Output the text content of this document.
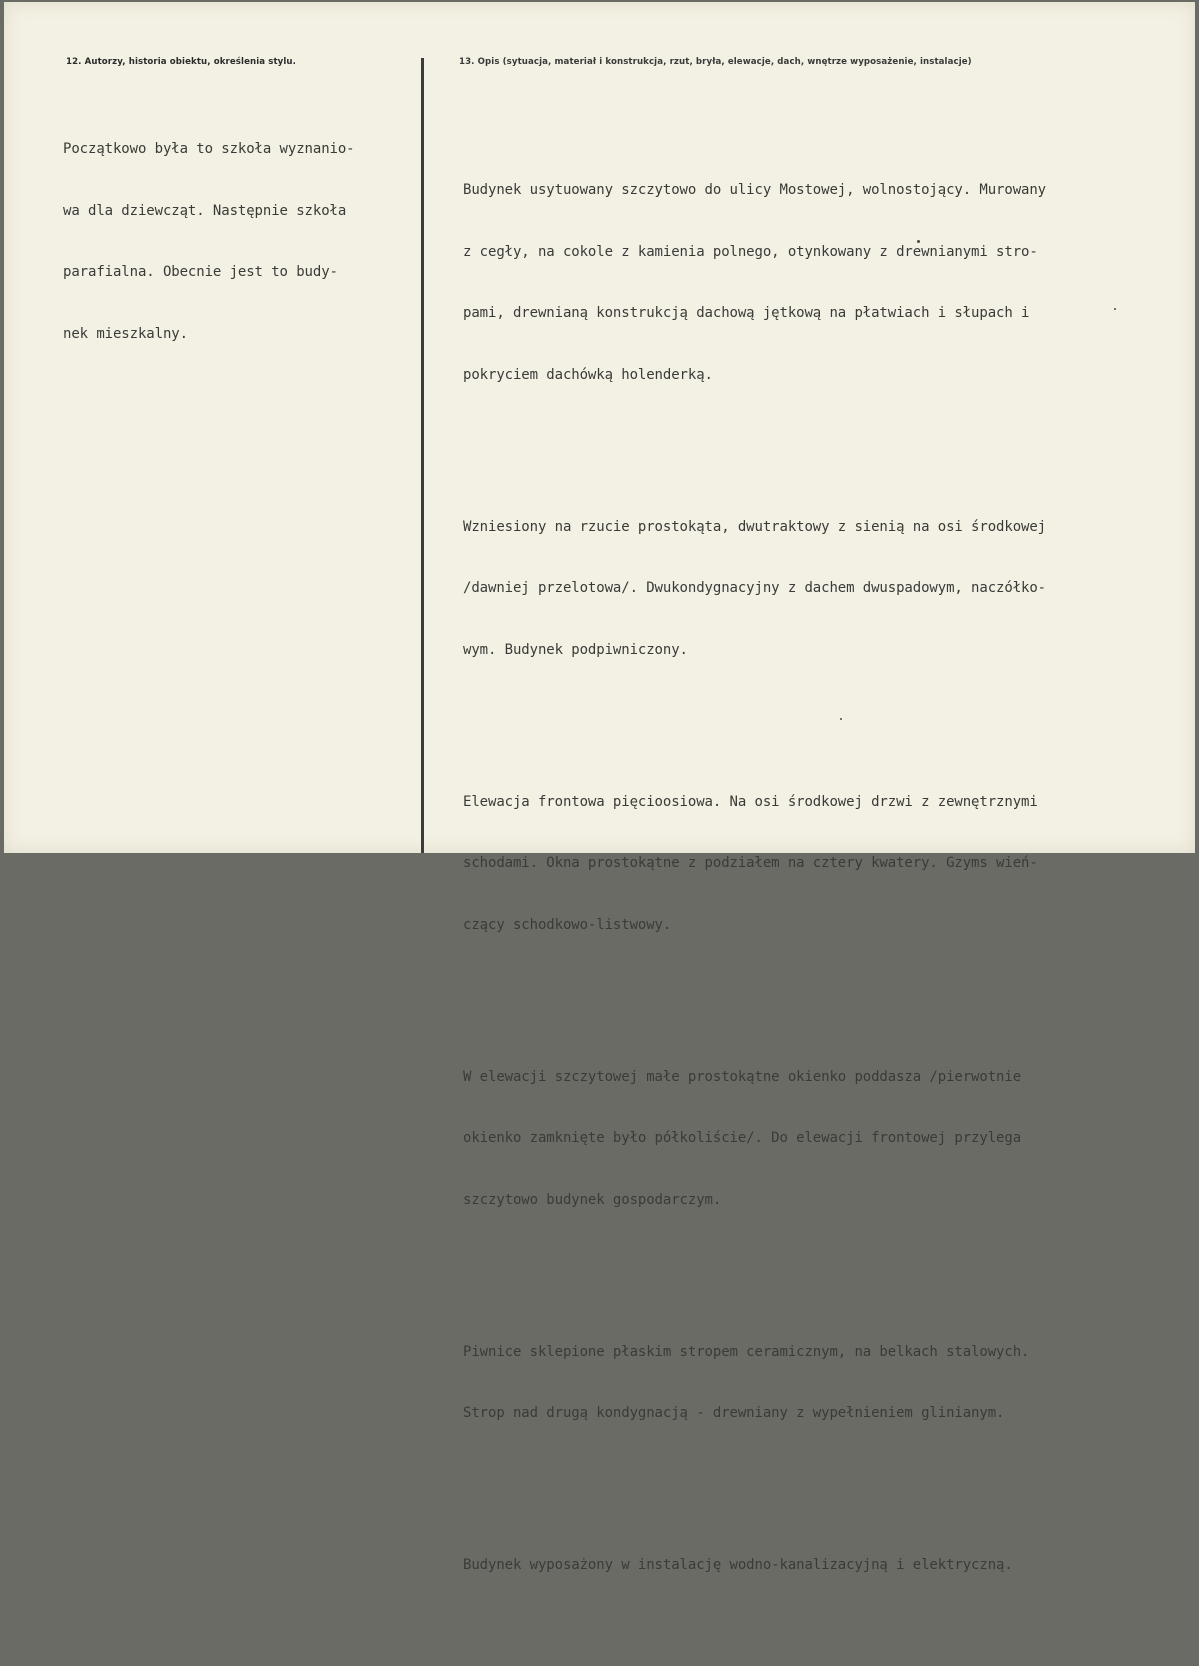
12. Autorzy, historia obiektu, określenia stylu.	13. Opis (sytuacja, materiał i konstrukcja, rzut, bryła, elewacje, dach, wnętrze wyposażenie, instalacje)

Początkowo była to szkoła wyznanio-

wa dla dziewcząt. Następnie szkoła

parafialna. Obecnie jest to budy-

nek mieszkalny.

Budynek usytuowany szczytowo do ulicy Mostowej, wolnostojący. Murowany

z cegły, na cokole z kamienia polnego, otynkowany z drewnianymi stro-

pami, drewnianą konstrukcją dachową jętkową na płatwiach i słupach i

pokryciem dachówką holenderką.

Wzniesiony na rzucie prostokąta, dwutraktowy z sienią na osi środkowej

/dawniej przelotowa/. Dwukondygnacyjny z dachem dwuspadowym, naczółko-

wym. Budynek podpiwniczony.

Elewacja frontowa pięcioosiowa. Na osi środkowej drzwi z zewnętrznymi

schodami. Okna prostokątne z podziałem na cztery kwatery. Gzyms wień-

czący schodkowo-listwowy.

W elewacji szczytowej małe prostokątne okienko poddasza /pierwotnie

okienko zamknięte było półkoliście/. Do elewacji frontowej przylega

szczytowo budynek gospodarczym.

Piwnice sklepione płaskim stropem ceramicznym, na belkach stalowych.

Strop nad drugą kondygnacją - drewniany z wypełnieniem glinianym.

Budynek wyposażony w instalację wodno-kanalizacyjną i elektryczną.
